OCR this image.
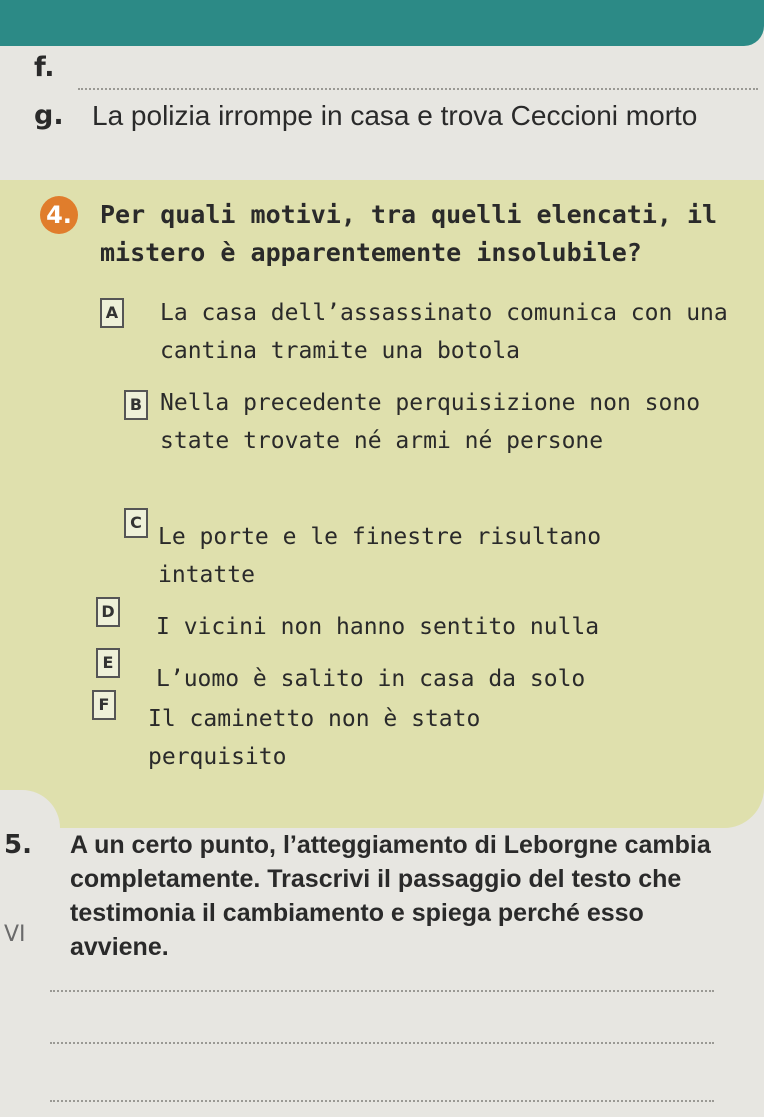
f.
g. La polizia irrompe in casa e trova Ceccioni morto
4. Per quali motivi, tra quelli elencati, il mistero è apparentemente insolubile?
A La casa dell’assassinato comunica con una cantina tramite una botola
B Nella precedente perquisizione non sono state trovate né armi né persone
C
Le porte e le finestre risultano intatte
D
I vicini non hanno sentito nulla
E
L’uomo è salito in casa da solo
F
Il caminetto non è stato perquisito
5. A un certo punto, l’atteggiamento di Leborgne cambia completamente. Trascrivi il passaggio del testo che testimonia il cambiamento e spiega perché esso avviene.
VI
